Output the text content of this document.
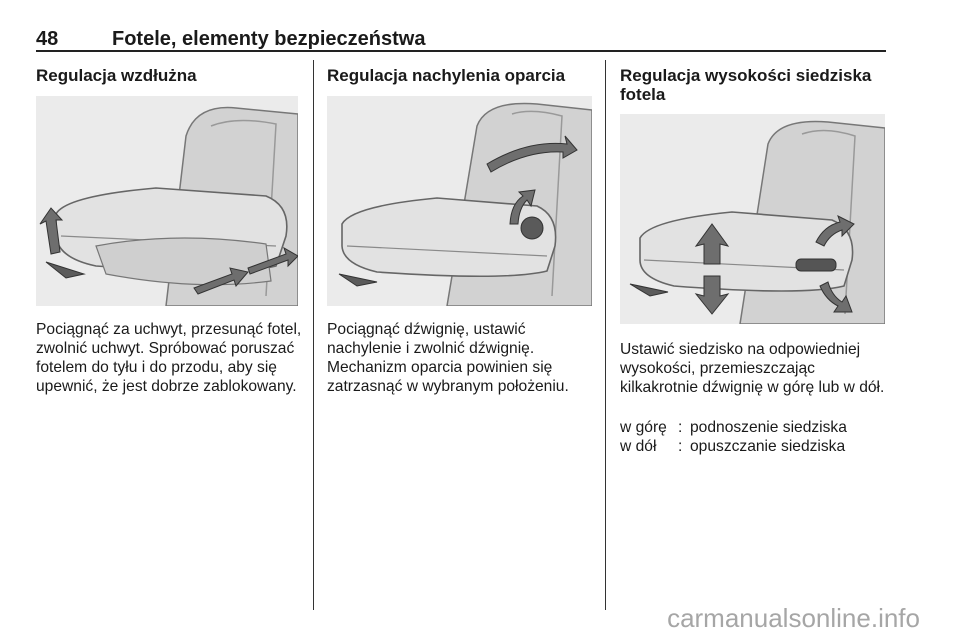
48	Fotele, elementy bezpieczeństwa
Regulacja wzdłużna
Pociągnąć za uchwyt, przesunąć fotel, zwolnić uchwyt. Spróbować poruszać fotelem do tyłu i do przodu, aby się upewnić, że jest dobrze zablokowany.
Regulacja nachylenia oparcia
Pociągnąć dźwignię, ustawić nachylenie i zwolnić dźwignię. Mechanizm oparcia powinien się zatrzasnąć w wybranym położeniu.
Regulacja wysokości siedziska fotela
Ustawić siedzisko na odpowiedniej wysokości, przemieszczając kilkakrotnie dźwignię w górę lub w dół.
w górę : podnoszenie siedziska
w dół : opuszczanie siedziska
carmanualsonline.info
